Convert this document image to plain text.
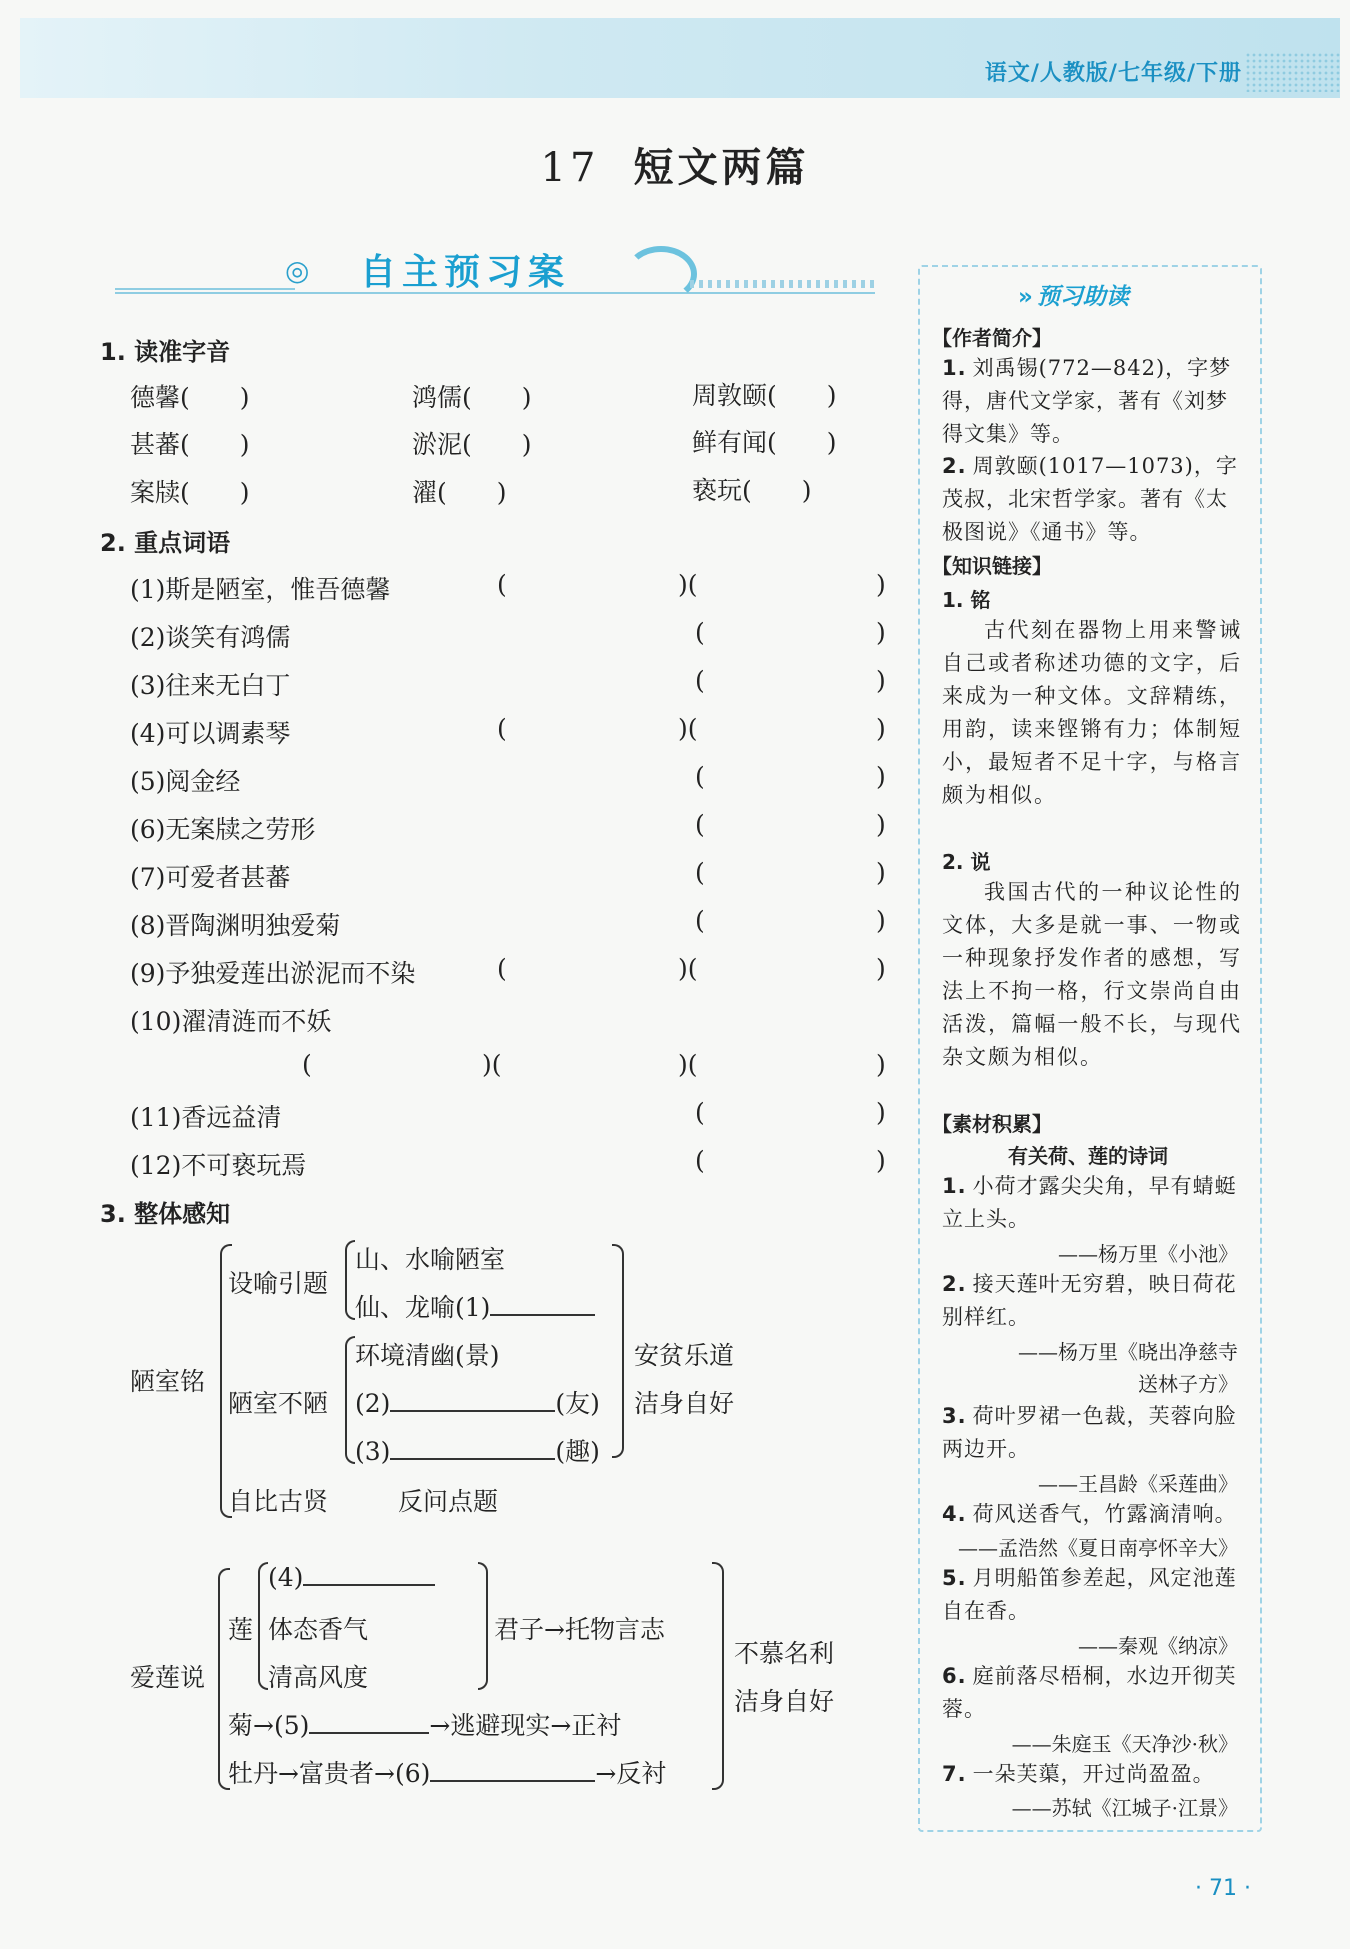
语文/人教版/七年级/下册
17 短文两篇
◎ 自主预习案
1. 读准字音
德馨(　　)	鸿儒(　　)	周敦颐(　　)
甚蕃(　　)	淤泥(　　)	鲜有闻(　　)
案牍(　　)	濯(　　)	亵玩(　　)
2. 重点词语
(1)斯是陋室，惟吾德馨	(	)(	)
(2)谈笑有鸿儒	(	)
(3)往来无白丁	(	)
(4)可以调素琴	(	)(	)
(5)阅金经	(	)
(6)无案牍之劳形	(	)
(7)可爱者甚蕃	(	)
(8)晋陶渊明独爱菊	(	)
(9)予独爱莲出淤泥而不染	(	)(	)
(10)濯清涟而不妖
(	)(	)(	)
(11)香远益清	(	)
(12)不可亵玩焉	(	)
3. 整体感知
陋室铭
设喻引题
山、水喻陋室
仙、龙喻(1)
陋室不陋
环境清幽(景)
(2)	(友)
(3)	(趣)
自比古贤	反问点题
安贫乐道
洁身自好
爱莲说
莲
(4)
体态香气
清高风度
君子→托物言志
菊→(5)	→逃避现实→正衬
牡丹→富贵者→(6)	→反衬
不慕名利
洁身自好
» 预习助读
【作者简介】
1. 刘禹锡(772—842)，字梦得，唐代文学家，著有《刘梦得文集》等。
2. 周敦颐(1017—1073)，字茂叔，北宋哲学家。著有《太极图说》《通书》等。
【知识链接】
1. 铭
古代刻在器物上用来警诫自己或者称述功德的文字，后来成为一种文体。文辞精练，用韵，读来铿锵有力；体制短小，最短者不足十字，与格言颇为相似。
2. 说
我国古代的一种议论性的文体，大多是就一事、一物或一种现象抒发作者的感想，写法上不拘一格，行文崇尚自由活泼，篇幅一般不长，与现代杂文颇为相似。
【素材积累】
有关荷、莲的诗词
1. 小荷才露尖尖角，早有蜻蜓立上头。
——杨万里《小池》
2. 接天莲叶无穷碧，映日荷花别样红。
——杨万里《晓出净慈寺
送林子方》
3. 荷叶罗裙一色裁，芙蓉向脸两边开。
——王昌龄《采莲曲》
4. 荷风送香气，竹露滴清响。
——孟浩然《夏日南亭怀辛大》
5. 月明船笛参差起，风定池莲自在香。
——秦观《纳凉》
6. 庭前落尽梧桐，水边开彻芙蓉。
——朱庭玉《天净沙·秋》
7. 一朵芙蕖，开过尚盈盈。
——苏轼《江城子·江景》
· 71 ·
